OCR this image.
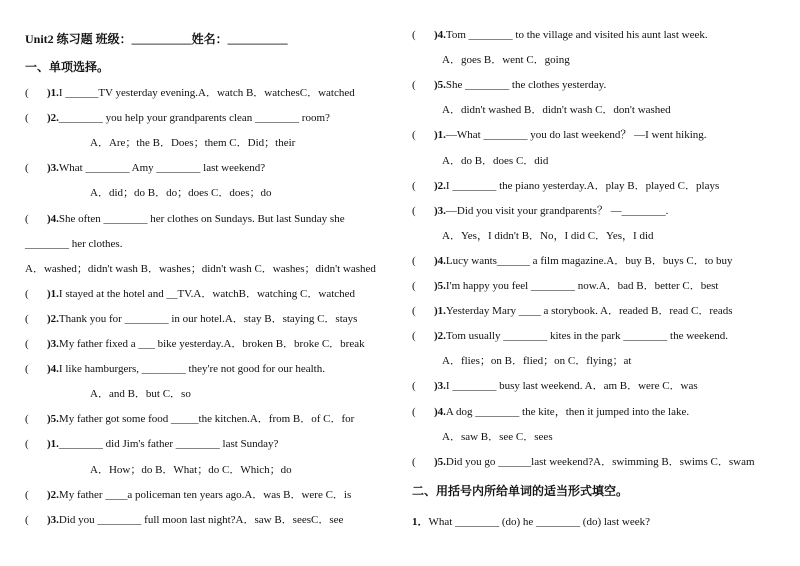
Unit2 练习题 班级：__________姓名：__________
一、单项选择。
( )1.I ______TV yesterday evening.A．watch B．watchesC．watched
( )2.________ you help your grandparents clean ________ room?
A．Are；the B．Does；them C．Did；their
( )3.What ________ Amy ________ last weekend?
A．did；do B．do；does C．does；do
( )4.She often ________ her clothes on Sundays. But last Sunday she
________ her clothes.
A．washed；didn't wash B．washes；didn't wash C．washes；didn't washed
( )1.I stayed at the hotel and __TV.A．watchB．watching C．watched
( )2.Thank you for ________ in our hotel.A．stay B．staying C．stays
( )3.My father fixed a ___ bike yesterday.A．broken B．broke C．break
( )4.I like hamburgers, ________ they're not good for our health.
A．and B．but C．so
( )5.My father got some food _____the kitchen.A．from B．of C．for
( )1.________ did Jim's father ________ last Sunday?
A．How；do B．What；do C．Which；do
( )2.My father ____a policeman ten years ago.A．was B．were C．is
( )3.Did you ________ full moon last night?A．saw B．seesC．see
( )4.Tom ________ to the village and visited his aunt last week.
A．goes B．went C．going
( )5.She ________ the clothes yesterday.
A．didn't washed B．didn't wash C．don't washed
( )1.—What ________ you do last weekend？ —I went hiking.
A．do B．does C．did
( )2.I ________ the piano yesterday.A．play B．played C．plays
( )3.—Did you visit your grandparents？ —________.
A．Yes，I didn't B．No，I did C．Yes，I did
( )4.Lucy wants______ a film magazine.A．buy B．buys C．to buy
( )5.I'm happy you feel ________ now.A．bad B．better C．best
( )1.Yesterday Mary ____ a storybook. A．readed B．read C．reads
( )2.Tom usually ________ kites in the park ________ the weekend.
A．flies；on B．flied；on C．flying；at
( )3.I ________ busy last weekend. A．am B．were C．was
( )4.A dog ________ the kite，then it jumped into the lake.
A．saw B．see C．sees
( )5.Did you go ______last weekend?A．swimming B．swims C．swam
二、用括号内所给单词的适当形式填空。
1．What ________ (do) he ________ (do) last week?
